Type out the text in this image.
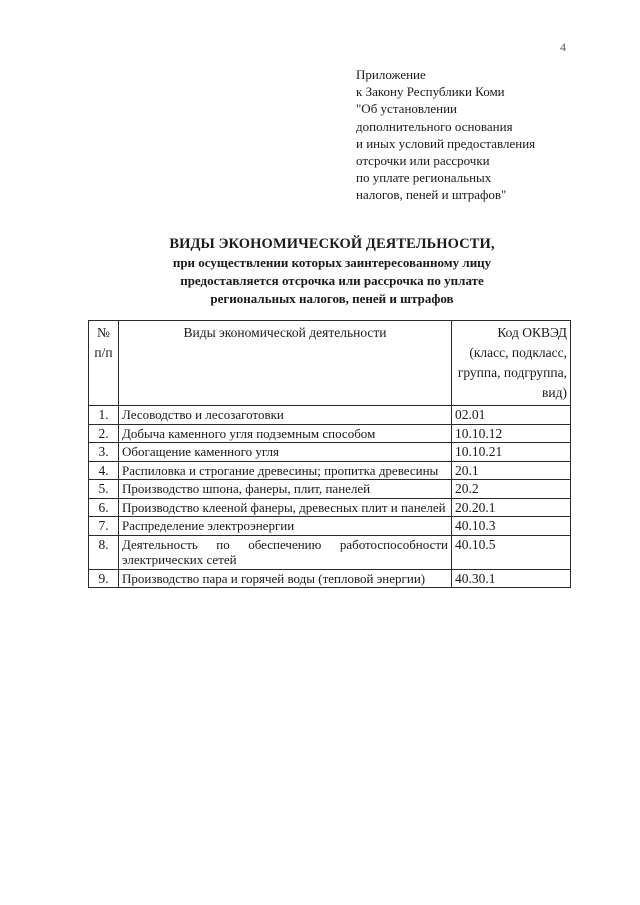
4
Приложение
к Закону Республики Коми
"Об установлении
дополнительного основания
и иных условий предоставления
отсрочки или рассрочки
по уплате региональных
налогов, пеней и штрафов"
ВИДЫ ЭКОНОМИЧЕСКОЙ ДЕЯТЕЛЬНОСТИ,
при осуществлении которых заинтересованному лицу
предоставляется отсрочка или рассрочка по уплате
региональных налогов, пеней и штрафов
№ п/п	Виды экономической деятельности	Код ОКВЭД (класс, подкласс, группа, подгруппа, вид)
1.	Лесоводство и лесозаготовки	02.01
2.	Добыча каменного угля подземным способом	10.10.12
3.	Обогащение каменного угля	10.10.21
4.	Распиловка и строгание древесины; пропитка древесины	20.1
5.	Производство шпона, фанеры, плит, панелей	20.2
6.	Производство клееной фанеры, древесных плит и панелей	20.20.1
7.	Распределение электроэнергии	40.10.3
8.	Деятельность по обеспечению работоспособности электрических сетей	40.10.5
9.	Производство пара и горячей воды (тепловой энергии)	40.30.1
